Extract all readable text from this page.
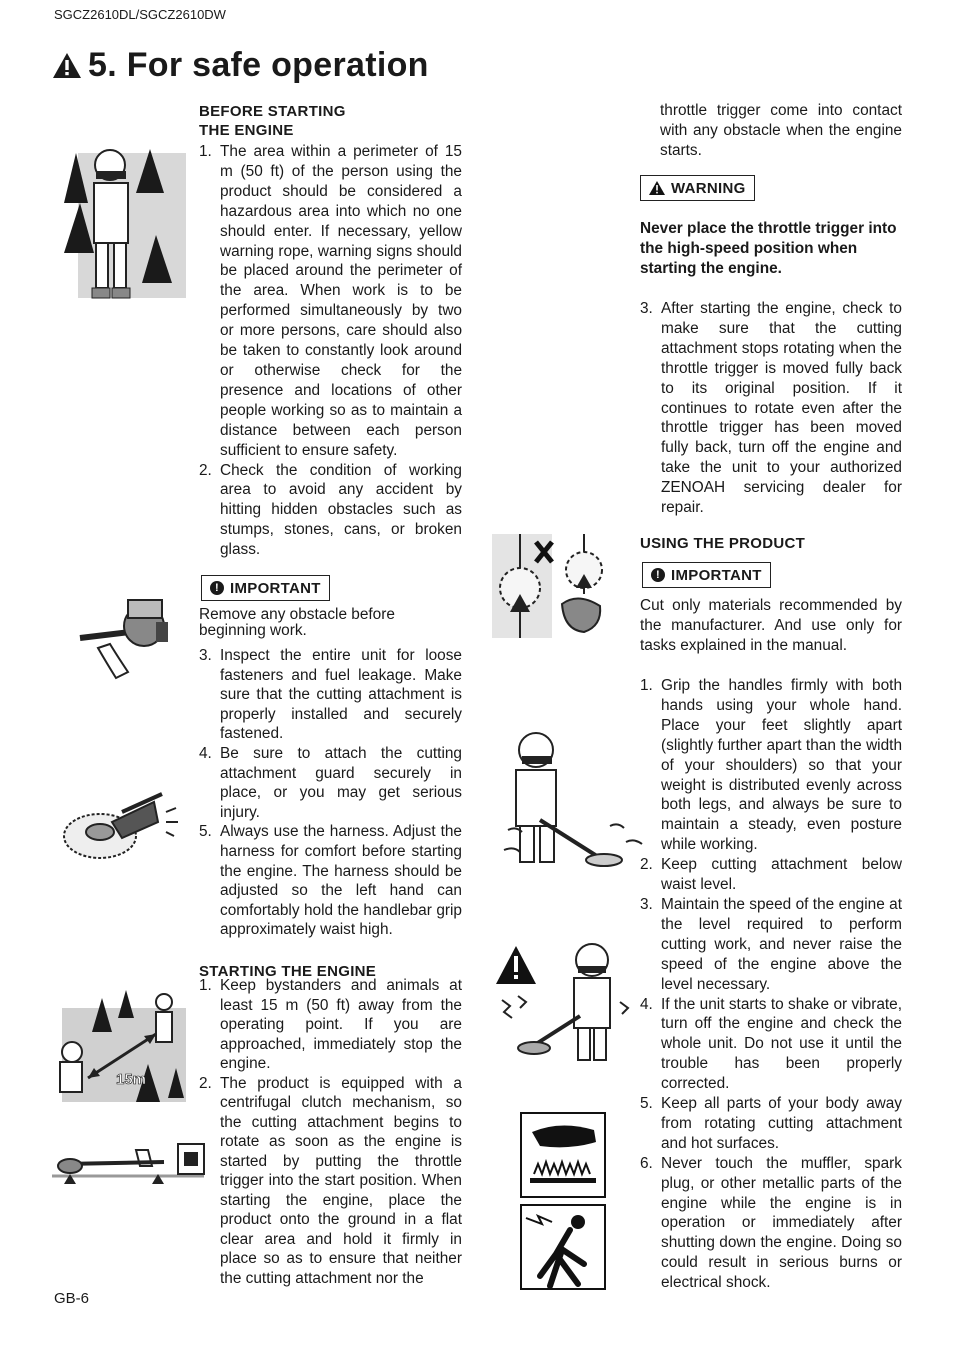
SGCZ2610DL/SGCZ2610DW
5. For safe operation
15m
BEFORE STARTING
THE ENGINE
1. The area within a perimeter of 15 m (50 ft) of the person using the product should be considered a hazardous area into which no one should enter. If necessary, yellow warning rope, warning signs should be placed around the perimeter of the area. When work is to be performed simultaneously by two or more persons, care should also be taken to constantly look around or otherwise check for the presence and locations of other people working so as to maintain a distance between each person sufficient to ensure safety.
2. Check the condition of working area to avoid any accident by hitting hidden obstacles such as stumps, stones, cans, or broken glass.
! IMPORTANT
Remove any obstacle before beginning work.
3. Inspect the entire unit for loose fasteners and fuel leakage. Make sure that the cutting attachment is properly installed and securely fastened.
4. Be sure to attach the cutting attachment guard securely in place, or you may get serious injury.
5. Always use the harness. Adjust the harness for comfort before starting the engine. The harness should be adjusted so the left hand can comfortably hold the handlebar grip approximately waist high.
STARTING THE ENGINE
1. Keep bystanders and animals at least 15 m (50 ft) away from the operating point. If you are approached, immediately stop the engine.
2. The product is equipped with a centrifugal clutch mechanism, so the cutting attachment begins to rotate as soon as the engine is started by putting the throttle trigger into the start position. When starting the engine, place the product onto the ground in a flat clear area and hold it firmly in place so as to ensure that neither the cutting attachment nor the
throttle trigger come into contact with any obstacle when the engine starts.
WARNING
Never place the throttle trigger into the high-speed position when starting the engine.
3. After starting the engine, check to make sure that the cutting attachment stops rotating when the throttle trigger is moved fully back to its original position. If it continues to rotate even after the throttle trigger has been moved fully back, turn off the engine and take the unit to your authorized ZENOAH servicing dealer for repair.
USING THE PRODUCT
! IMPORTANT
Cut only materials recommended by the manufacturer. And use only for tasks explained in the manual.
1. Grip the handles firmly with both hands using your whole hand. Place your feet slightly apart (slightly further apart than the width of your shoulders) so that your weight is distributed evenly across both legs, and always be sure to maintain a steady, even posture while working.
2. Keep cutting attachment below waist level.
3. Maintain the speed of the engine at the level required to perform cutting work, and never raise the speed of the engine above the level necessary.
4. If the unit starts to shake or vibrate, turn off the engine and check the whole unit. Do not use it until the trouble has been properly corrected.
5. Keep all parts of your body away from rotating cutting attachment and hot surfaces.
6. Never touch the muffler, spark plug, or other metallic parts of the engine while the engine is in operation or immediately after shutting down the engine. Doing so could result in serious burns or electrical shock.
GB-6
